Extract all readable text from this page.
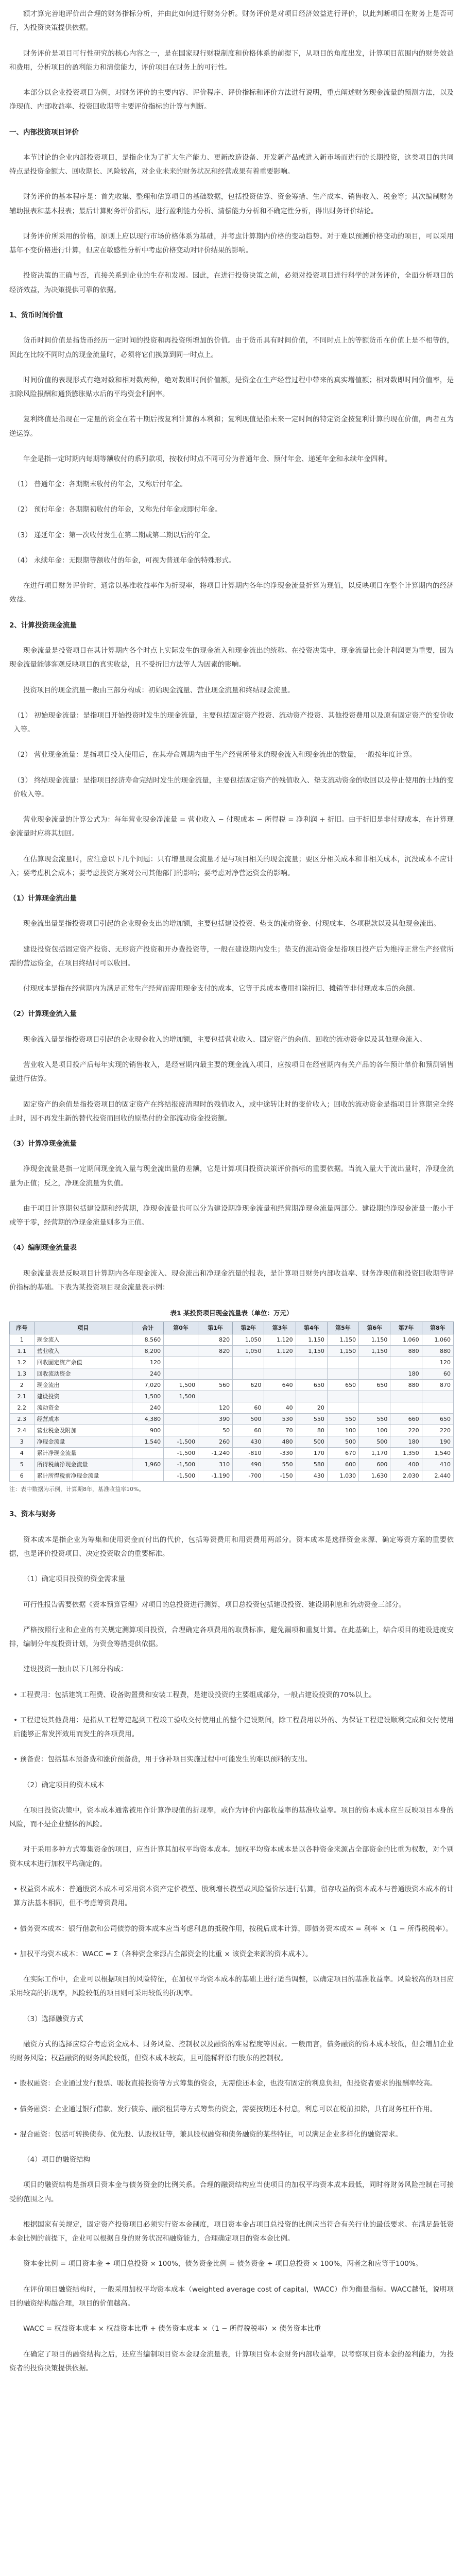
额才算完善地评价出合理的财务指标分析，并由此如何进行财务分析。财务评价是对项目经济效益进行评价，以此判断项目在财务上是否可行，为投资决策提供依据。
财务评价是项目可行性研究的核心内容之一，是在国家现行财税制度和价格体系的前提下，从项目的角度出发，计算项目范围内的财务效益和费用，分析项目的盈利能力和清偿能力，评价项目在财务上的可行性。
本部分以企业投资项目为例，对财务评价的主要内容、评价程序、评价指标和评价方法进行说明，重点阐述财务现金流量的预测方法，以及净现值、内部收益率、投资回收期等主要评价指标的计算与判断。
一、内部投资项目评价
本节讨论的企业内部投资项目，是指企业为了扩大生产能力、更新改造设备、开发新产品或进入新市场而进行的长期投资，这类项目的共同特点是投资金额大、回收期长、风险较高，对企业未来的财务状况和经营成果有着重要影响。
财务评价的基本程序是：首先收集、整理和估算项目的基础数据，包括投资估算、资金筹措、生产成本、销售收入、税金等；其次编制财务辅助报表和基本报表；最后计算财务评价指标，进行盈利能力分析、清偿能力分析和不确定性分析，得出财务评价结论。
财务评价所采用的价格，原则上应以现行市场价格体系为基础，并考虑计算期内价格的变动趋势。对于难以预测价格变动的项目，可以采用基年不变价格进行计算，但应在敏感性分析中考虑价格变动对评价结果的影响。
投资决策的正确与否，直接关系到企业的生存和发展。因此，在进行投资决策之前，必须对投资项目进行科学的财务评价，全面分析项目的经济效益，为决策提供可靠的依据。
1、货币时间价值
货币时间价值是指货币经历一定时间的投资和再投资所增加的价值。由于货币具有时间价值，不同时点上的等额货币在价值上是不相等的，因此在比较不同时点的现金流量时，必须将它们换算到同一时点上。
时间价值的表现形式有绝对数和相对数两种，绝对数即时间价值额，是资金在生产经营过程中带来的真实增值额；相对数即时间价值率，是扣除风险报酬和通货膨胀贴水后的平均资金利润率。
复利终值是指现在一定量的资金在若干期后按复利计算的本利和；复利现值是指未来一定时间的特定资金按复利计算的现在价值，两者互为逆运算。
年金是指一定时期内每期等额收付的系列款项，按收付时点不同可分为普通年金、预付年金、递延年金和永续年金四种。
（1） 普通年金：各期期末收付的年金，又称后付年金。
（2） 预付年金：各期期初收付的年金，又称先付年金或即付年金。
（3） 递延年金：第一次收付发生在第二期或第二期以后的年金。
（4） 永续年金：无限期等额收付的年金，可视为普通年金的特殊形式。
在进行项目财务评价时，通常以基准收益率作为折现率，将项目计算期内各年的净现金流量折算为现值，以反映项目在整个计算期内的经济效益。
2、计算投资现金流量
现金流量是投资项目在其计算期内各个时点上实际发生的现金流入和现金流出的统称。在投资决策中，现金流量比会计利润更为重要，因为现金流量能够客观反映项目的真实收益，且不受折旧方法等人为因素的影响。
投资项目的现金流量一般由三部分构成：初始现金流量、营业现金流量和终结现金流量。
（1） 初始现金流量：是指项目开始投资时发生的现金流量，主要包括固定资产投资、流动资产投资、其他投资费用以及原有固定资产的变价收入等。
（2） 营业现金流量：是指项目投入使用后，在其寿命周期内由于生产经营所带来的现金流入和现金流出的数量，一般按年度计算。
（3） 终结现金流量：是指项目经济寿命完结时发生的现金流量，主要包括固定资产的残值收入、垫支流动资金的收回以及停止使用的土地的变价收入等。
营业现金流量的计算公式为：每年营业现金净流量 = 营业收入 − 付现成本 − 所得税 = 净利润 + 折旧。由于折旧是非付现成本，在计算现金流量时应将其加回。
在估算现金流量时，应注意以下几个问题：只有增量现金流量才是与项目相关的现金流量；要区分相关成本和非相关成本，沉没成本不应计入；要考虑机会成本；要考虑投资方案对公司其他部门的影响；要考虑对净营运资金的影响。
（1）计算现金流出量
现金流出量是指投资项目引起的企业现金支出的增加额，主要包括建设投资、垫支的流动资金、付现成本、各项税款以及其他现金流出。
建设投资包括固定资产投资、无形资产投资和开办费投资等，一般在建设期内发生；垫支的流动资金是指项目投产后为维持正常生产经营所需的营运资金，在项目终结时可以收回。
付现成本是指在经营期内为满足正常生产经营而需用现金支付的成本，它等于总成本费用扣除折旧、摊销等非付现成本后的余额。
（2）计算现金流入量
现金流入量是指投资项目引起的企业现金收入的增加额，主要包括营业收入、固定资产的余值、回收的流动资金以及其他现金流入。
营业收入是项目投产后每年实现的销售收入，是经营期内最主要的现金流入项目，应按项目在经营期内有关产品的各年预计单价和预测销售量进行估算。
固定资产的余值是指投资项目的固定资产在终结报废清理时的残值收入，或中途转让时的变价收入；回收的流动资金是指项目计算期完全终止时，因不再发生新的替代投资而回收的原垫付的全部流动资金投资额。
（3）计算净现金流量
净现金流量是指一定期间现金流入量与现金流出量的差额，它是计算项目投资决策评价指标的重要依据。当流入量大于流出量时，净现金流量为正值；反之，净现金流量为负值。
由于项目计算期包括建设期和经营期，净现金流量也可以分为建设期净现金流量和经营期净现金流量两部分。建设期的净现金流量一般小于或等于零，经营期的净现金流量则多为正值。
（4）编制现金流量表
现金流量表是反映项目计算期内各年现金流入、现金流出和净现金流量的报表，是计算项目财务内部收益率、财务净现值和投资回收期等评价指标的基础。下表为某投资项目现金流量表示例：
表1 某投资项目现金流量表（单位：万元）
序号	项目	合计	第0年	第1年	第2年	第3年	第4年	第5年	第6年	第7年	第8年
1	现金流入	8,560		820	1,050	1,120	1,150	1,150	1,150	1,060	1,060
1.1	营业收入	8,200		820	1,050	1,120	1,150	1,150	1,150	880	880
1.2	回收固定资产余值	120									120
1.3	回收流动资金	240								180	60
2	现金流出	7,020	1,500	560	620	640	650	650	650	880	870
2.1	建设投资	1,500	1,500								
2.2	流动资金	240		120	60	40	20				
2.3	经营成本	4,380		390	500	530	550	550	550	660	650
2.4	营业税金及附加	900		50	60	70	80	100	100	220	220
3	净现金流量	1,540	-1,500	260	430	480	500	500	500	180	190
4	累计净现金流量		-1,500	-1,240	-810	-330	170	670	1,170	1,350	1,540
5	所得税前净现金流量	1,960	-1,500	310	490	550	580	600	600	400	410
6	累计所得税前净现金流量		-1,500	-1,190	-700	-150	430	1,030	1,630	2,030	2,440
注：表中数据为示例，计算期8年，基准收益率10%。
3、资本与财务
资本成本是指企业为筹集和使用资金而付出的代价，包括筹资费用和用资费用两部分。资本成本是选择资金来源、确定筹资方案的重要依据，也是评价投资项目、决定投资取舍的重要标准。
（1）确定项目投资的资金需求量
可行性报告需要依据《资本预算管理》对项目的总投资进行测算，项目总投资包括建设投资、建设期利息和流动资金三部分。
严格按照行业和企业的有关规定测算项目投资，合理确定各项费用的取费标准，避免漏项和重复计算。在此基础上，结合项目的建设进度安排，编制分年度投资计划，为资金筹措提供依据。
建设投资一般由以下几部分构成：
• 工程费用：包括建筑工程费、设备购置费和安装工程费，是建设投资的主要组成部分，一般占建设投资的70%以上。
• 工程建设其他费用：是指从工程筹建起到工程竣工验收交付使用止的整个建设期间，除工程费用以外的、为保证工程建设顺利完成和交付使用后能够正常发挥效用而发生的各项费用。
• 预备费：包括基本预备费和涨价预备费，用于弥补项目实施过程中可能发生的难以预料的支出。
（2）确定项目的资本成本
在项目投资决策中，资本成本通常被用作计算净现值的折现率，或作为评价内部收益率的基准收益率。项目的资本成本应当反映项目本身的风险，而不是企业整体的风险。
对于采用多种方式筹集资金的项目，应当计算其加权平均资本成本。加权平均资本成本是以各种资金来源占全部资金的比重为权数，对个别资本成本进行加权平均确定的。
• 权益资本成本：普通股资本成本可采用资本资产定价模型、股利增长模型或风险溢价法进行估算，留存收益的资本成本与普通股资本成本的计算方法基本相同，但不考虑筹资费用。
• 债务资本成本：银行借款和公司债券的资本成本应当考虑利息的抵税作用，按税后成本计算，即债务资本成本 = 利率 ×（1 − 所得税税率）。
• 加权平均资本成本：WACC = Σ（各种资金来源占全部资金的比重 × 该资金来源的资本成本）。
在实际工作中，企业可以根据项目的风险特征，在加权平均资本成本的基础上进行适当调整，以确定项目的基准收益率。风险较高的项目应采用较高的折现率，风险较低的项目则可采用较低的折现率。
（3）选择融资方式
融资方式的选择应综合考虑资金成本、财务风险、控制权以及融资的难易程度等因素。一般而言，债务融资的资本成本较低，但会增加企业的财务风险；权益融资的财务风险较低，但资本成本较高，且可能稀释原有股东的控制权。
• 股权融资：企业通过发行股票、吸收直接投资等方式筹集的资金，无需偿还本金，也没有固定的利息负担，但投资者要求的报酬率较高。
• 债务融资：企业通过银行借款、发行债券、融资租赁等方式筹集的资金，需要按期还本付息，利息可以在税前扣除，具有财务杠杆作用。
• 混合融资：包括可转换债券、优先股、认股权证等，兼具股权融资和债务融资的某些特征，可以满足企业多样化的融资需求。
（4）项目的融资结构
项目的融资结构是指项目资本金与债务资金的比例关系。合理的融资结构应当使项目的加权平均资本成本最低，同时将财务风险控制在可接受的范围之内。
根据国家有关规定，固定资产投资项目必须实行资本金制度，项目资本金占项目总投资的比例应当符合有关行业的最低要求。在满足最低资本金比例的前提下，企业可以根据自身的财务状况和融资能力，合理确定项目的资本金比例。
资本金比例 = 项目资本金 ÷ 项目总投资 × 100%，债务资金比例 = 债务资金 ÷ 项目总投资 × 100%，两者之和应等于100%。
在评价项目融资结构时，一般采用加权平均资本成本（weighted average cost of capital，WACC）作为衡量指标。WACC越低，说明项目的融资结构越合理，项目的价值越高。
WACC = 权益资本成本 × 权益资本比重 + 债务资本成本 ×（1 − 所得税税率）× 债务资本比重
在确定了项目的融资结构之后，还应当编制项目资本金现金流量表，计算项目资本金财务内部收益率，以考察项目资本金的盈利能力，为投资者的投资决策提供依据。
